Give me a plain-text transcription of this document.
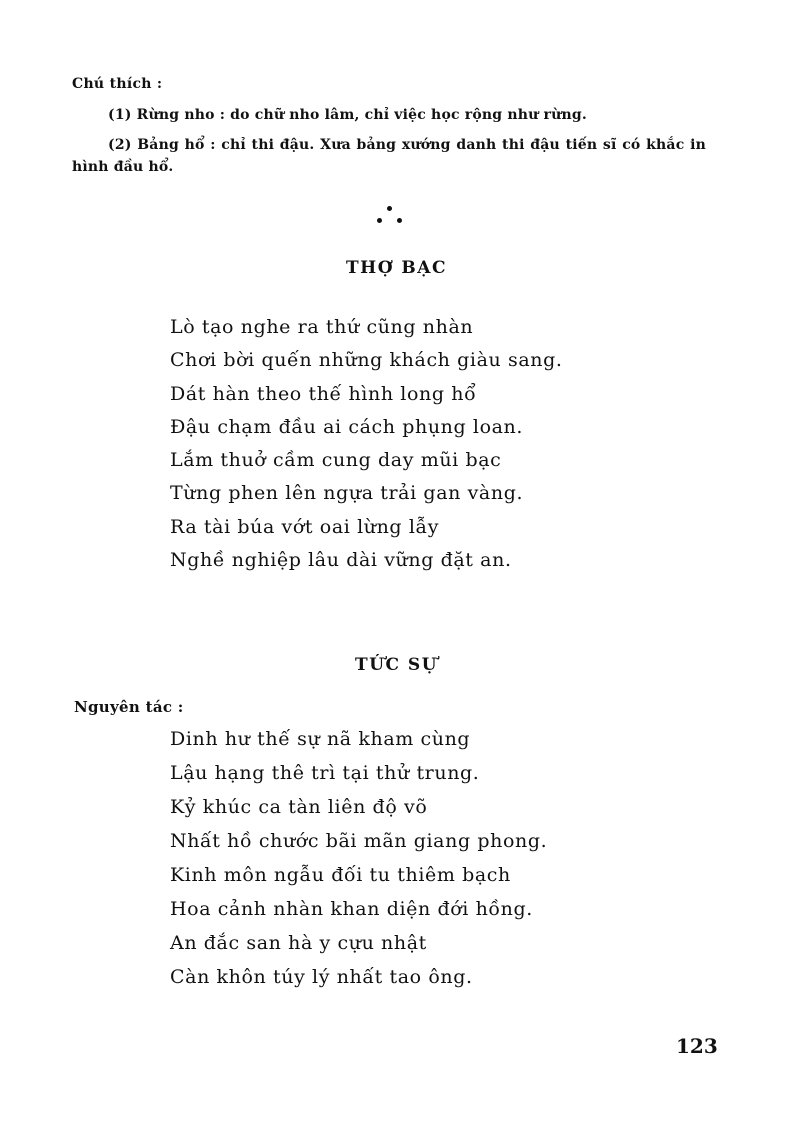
Chú thích :
(1) Rừng nho : do chữ nho lâm, chỉ việc học rộng như rừng.
(2) Bảng hổ : chỉ thi đậu. Xưa bảng xướng danh thi đậu tiến sĩ có khắc in hình đầu hổ.
THỢ BẠC
Lò tạo nghe ra thứ cũng nhàn
Chơi bời quến những khách giàu sang.
Dát hàn theo thế hình long hổ
Đậu chạm đầu ai cách phụng loan.
Lắm thuở cầm cung day mũi bạc
Từng phen lên ngựa trải gan vàng.
Ra tài búa vớt oai lừng lẫy
Nghề nghiệp lâu dài vững đặt an.
TỨC SỰ
Nguyên tác :
Dinh hư thế sự nã kham cùng
Lậu hạng thê trì tại thử trung.
Kỷ khúc ca tàn liên độ võ
Nhất hồ chước bãi mãn giang phong.
Kinh môn ngẫu đối tu thiêm bạch
Hoa cảnh nhàn khan diện đới hồng.
An đắc san hà y cựu nhật
Càn khôn túy lý nhất tao ông.
123
